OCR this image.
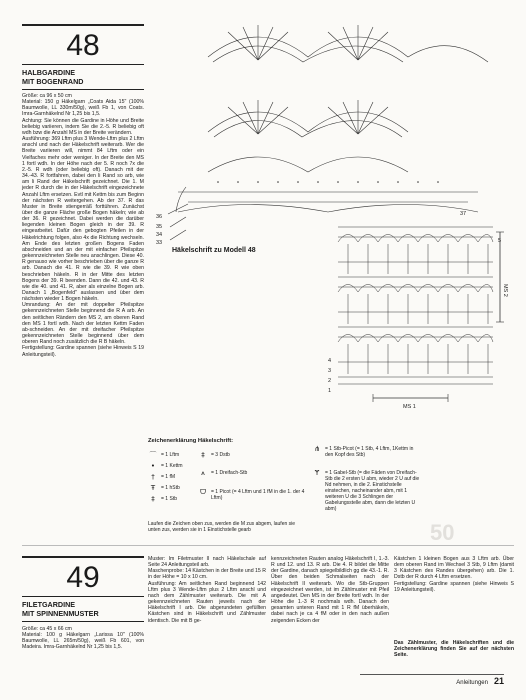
48
HALBGARDINE
MIT BOGENRAND

Größe: ca 96 x 50 cm

Material: 150 g Häkelgarn „Coats Aida 15" (100% Baumwolle, LL 330m/50g), weiß Fb 1, von Coats. Imra-Garnhäkelnd Nr 1,25 bis 1,5.

Achtung: Sie können die Gardine in Höhe und Breite beliebig variieren, indem Sie die 2.-5. R beliebig oft wdh bzw die Anzahl MS in der Breite verändern.

Ausführung: 369 Lftm plus 3 Wende-Lftm plus 2 Lftm anschl und nach der Häkelschrift weiterarb. Wer die Breite variieren will, nimmt 84 Lftm oder ein Vielfaches mehr oder weniger. In der Breite den MS 1 fortl wdh. In der Höhe nach der 5. R noch 7x die 2.-5. R wdh (oder beliebig oft). Danach mit der 34.-43. R fortfahren, dabei den li Rand so arb, wie am li Rand der Häkelschrift gezeichnet. Die 1. M jeder R durch die in der Häkelschrift eingezeichnete Anzahl Lftm ersetzen. Evtl mit Kettm bis zum Beginn der nächsten R weitergehen. Ab der 37. R das Muster in Breite stiengerräß forttühren. Zunächst über die ganze Fläche große Bogen häkeln; wie ab der 36. R gezeichnet. Dabei werden die darüber liegenden kleinen Bogen gleich in der 39. R eingearbeitet. Dafür den gebogten Pfeilen in der Häkelrichtung folgen, also 4x die Richtung wechseln. Am Ende des letzten großen Bogens Faden abschneiden und an der mit einfacher Pfeilspitze gekennzeichneten Stelle neu anschlingen. Diese 40. R genauso wie vorher beschrieben über die ganze R arb. Danach die 41. R wie die 39. R wie oben beschrieben häkeln. R in der Mitte des letzten Bogens der 39. R beenden. Dann die 42. und 43. R wie die 40. und 41. R, aber als einzelne Bogen arb. Danach 1 „Bogenfeld" auslassen und über dem nächsten wieder 1 Bogen häkeln.

Umrandung: An der mit doppelter Pfeilspitze gekennzeichneten Stelle beginnend die R A arb. An den seitlichen Rändern den MS 2, am oberen Rand den MS 1 fortl wdh. Nach der letzten Kettm Faden ab-schneiden. An der mit dreifacher Pfeilspitze gekennzeichneten Stelle beginnend über dem oberen Rand noch zusätzlich die R B häkeln.

Fertigstellung: Gardine spannen (siehe Hinweis S 19 Anleitungsteil).

37
36
35
34
33	5
4
3
2
1
MS 1
MS 2
Häkelschrift zu Modell 48
50
Zeichenerklärung Häkelschrift:
⌒ = 1 Lftm
•	= 1 Kettm
†	= 1 fM
Ŧ	= 1 hStb
‡	= 1 Stb
‡	= 3 Dstb
⩚	= 1 Dreifach-Stb
ᗜ	= 1 Picot (= 4 Lftm und 1 fM in die 1. der 4 Lftm)
⋔	= 1 Stb-Picot (= 1 Stb, 4 Lftm, 1Kettm in den Kopf des Stb)
Ɏ	= 1 Gabel-Stb (= die Fäden von Dreifach-Stb die 2 ersten U abm, wieder 2 U auf die Nd nehmen, in die 2. Einstichstelle einstechen, nacheinander abm, mit 1 weiteren U die 3 Schlingen der Gabelungsstelle abm, dann die letzten U abm)
Laufen die Zeichen oben zus, werden die M zus abgem, laufen sie unten zus, werden sie in 1 Einstichstelle gearb
49
FILETGARDINE
MIT SPINNENMUSTER
Größe: ca 45 x 66 cm
Material: 100 g Häkelgarn „Larissa 10" (100% Baumwolle, LL 265m/50g), weiß Fb 601, von Madeira. Imra-Garnhäkelnd Nr 1,25 bis 1,5.
Muster: Im Filetmuster II nach Häkelschale auf Seite 24 Anleitungsteil arb.
Maschenprobe: 14 Kästchen in der Breite und 15 R in der Höhe = 10 x 10 cm.
Ausführung: Am seitlichen Rand beginnend 142 Lftm plus 3 Wende-Lftm plus 2 Lftm anschl und nach dem Zählmuster weiterarb. Die mit A gekennzeichneten Rauten jeweils nach der Häkelschrift I arb. Die abgerundeten gefüllten Kästchen sind in Häkelschrift und Zählmuster identisch. Die mit B ge-
kennzeichneten Rauten analog Häkelschrift I, 1.-3. R und 12. und 13. R arb. Die 4. R bildet die Mitte der Gardine, danach spiegelbildlich gg die 43.-1. R. Über den beiden Schmalseiten nach der Häkelschrift II weiterarb. Wo die Stb-Gruppen eingezeichnet werden, ist im Zählmuster mit Pfeil angedeutet. Den MS in der Breite fortl wdh. In der Höhe die 1.-3 R nochmals wdh. Danach den gesamten unteren Rand mit 1 R fM überhäkeln, dabei nach je ca 4 fM oder in den nach außen zeigenden Ecken der
Kästchen 1 kleinen Bogen aus 3 Lftm arb. Über dem oberen Rand im Wechsel 3 Stb, 9 Lftm (damit 3 Kästchen des Randes übergehen) arb. Die 1. Dstb der R durch 4 Lftm ersetzen.
Fertigstellung: Gardine spannen (siehe Hinweis S 19 Anleitungsteil).
Das Zählmuster, die Häkelschriften und die Zeichenerklärung finden Sie auf der nächsten Seite.
Anleitungen 21
